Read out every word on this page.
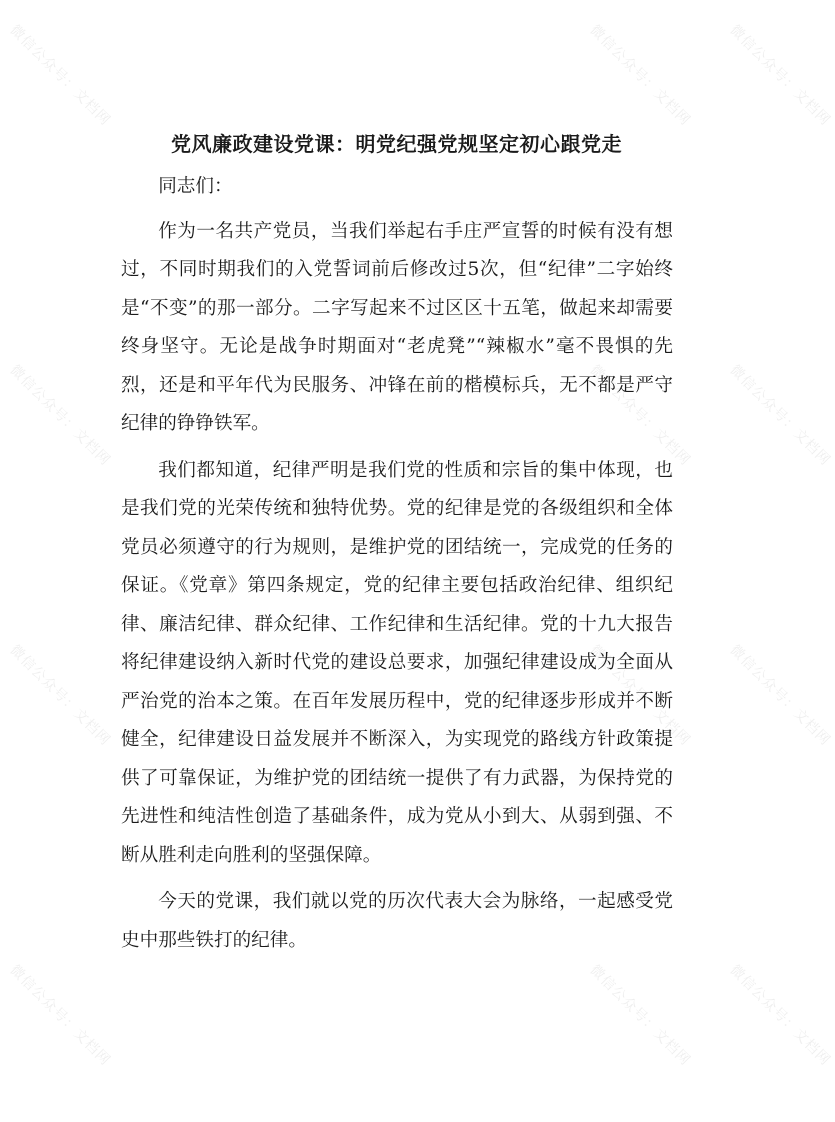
微信公众号：文档网	微信公众号：文档网 微信公众号：文档网
微信公众号：文档网	微信公众号：文档网 微信公众号：文档网
微信公众号：文档网	微信公众号：文档网 微信公众号：文档网
微信公众号：文档网	微信公众号：文档网 微信公众号：文档网
党风廉政建设党课：明党纪强党规坚定初心跟党走

同志们：

作为一名共产党员，当我们举起右手庄严宣誓的时候有没有想过，不同时期我们的入党誓词前后修改过5次，但“纪律”二字始终是“不变”的那一部分。二字写起来不过区区十五笔，做起来却需要终身坚守。无论是战争时期面对“老虎凳”“辣椒水”毫不畏惧的先烈，还是和平年代为民服务、冲锋在前的楷模标兵，无不都是严守纪律的铮铮铁军。

我们都知道，纪律严明是我们党的性质和宗旨的集中体现，也是我们党的光荣传统和独特优势。党的纪律是党的各级组织和全体党员必须遵守的行为规则，是维护党的团结统一，完成党的任务的保证。《党章》第四条规定，党的纪律主要包括政治纪律、组织纪律、廉洁纪律、群众纪律、工作纪律和生活纪律。党的十九大报告将纪律建设纳入新时代党的建设总要求，加强纪律建设成为全面从严治党的治本之策。在百年发展历程中，党的纪律逐步形成并不断健全，纪律建设日益发展并不断深入，为实现党的路线方针政策提供了可靠保证，为维护党的团结统一提供了有力武器，为保持党的先进性和纯洁性创造了基础条件，成为党从小到大、从弱到强、不断从胜利走向胜利的坚强保障。

今天的党课，我们就以党的历次代表大会为脉络，一起感受党史中那些铁打的纪律。
